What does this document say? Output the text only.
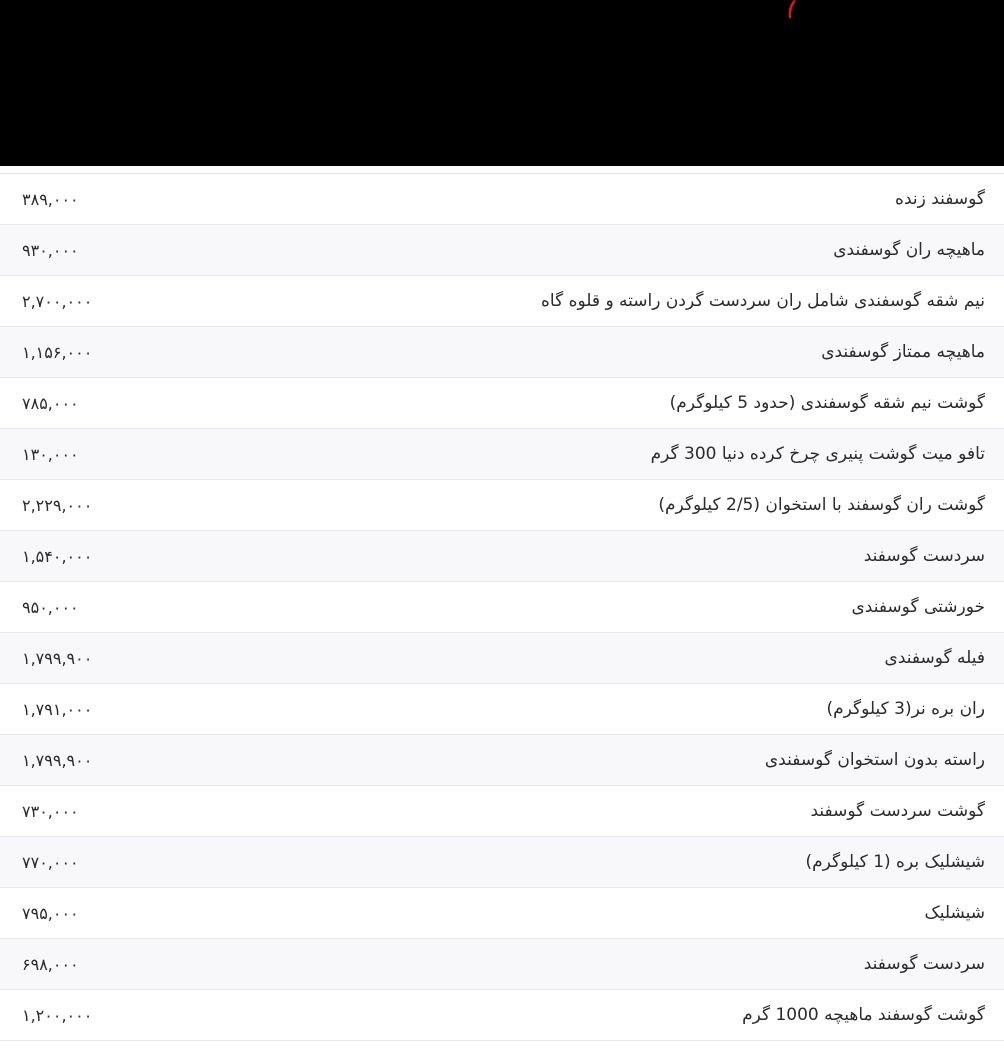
۳۸۹,۰۰۰	گوسفند زنده
۹۳۰,۰۰۰	ماهیچه ران گوسفندی
۲,۷۰۰,۰۰۰	نیم شقه گوسفندی شامل ران سردست گردن راسته و قلوه گاه
۱,۱۵۶,۰۰۰	ماهیچه ممتاز گوسفندی
۷۸۵,۰۰۰	گوشت نیم شقه گوسفندی (حدود 5 کیلوگرم)
۱۳۰,۰۰۰	تافو میت گوشت پنیری چرخ کرده دنیا 300 گرم
۲,۲۲۹,۰۰۰	گوشت ران گوسفند با استخوان (2/5 کیلوگرم)
۱,۵۴۰,۰۰۰	سردست گوسفند
۹۵۰,۰۰۰	خورشتی گوسفندی
۱,۷۹۹,۹۰۰	فیله گوسفندی
۱,۷۹۱,۰۰۰	ران بره نر(3 کیلوگرم)
۱,۷۹۹,۹۰۰	راسته بدون استخوان گوسفندی
۷۳۰,۰۰۰	گوشت سردست گوسفند
۷۷۰,۰۰۰	شیشلیک بره (1 کیلوگرم)
۷۹۵,۰۰۰	شیشلیک
۶۹۸,۰۰۰	سردست گوسفند
۱,۲۰۰,۰۰۰	گوشت گوسفند ماهیچه 1000 گرم
